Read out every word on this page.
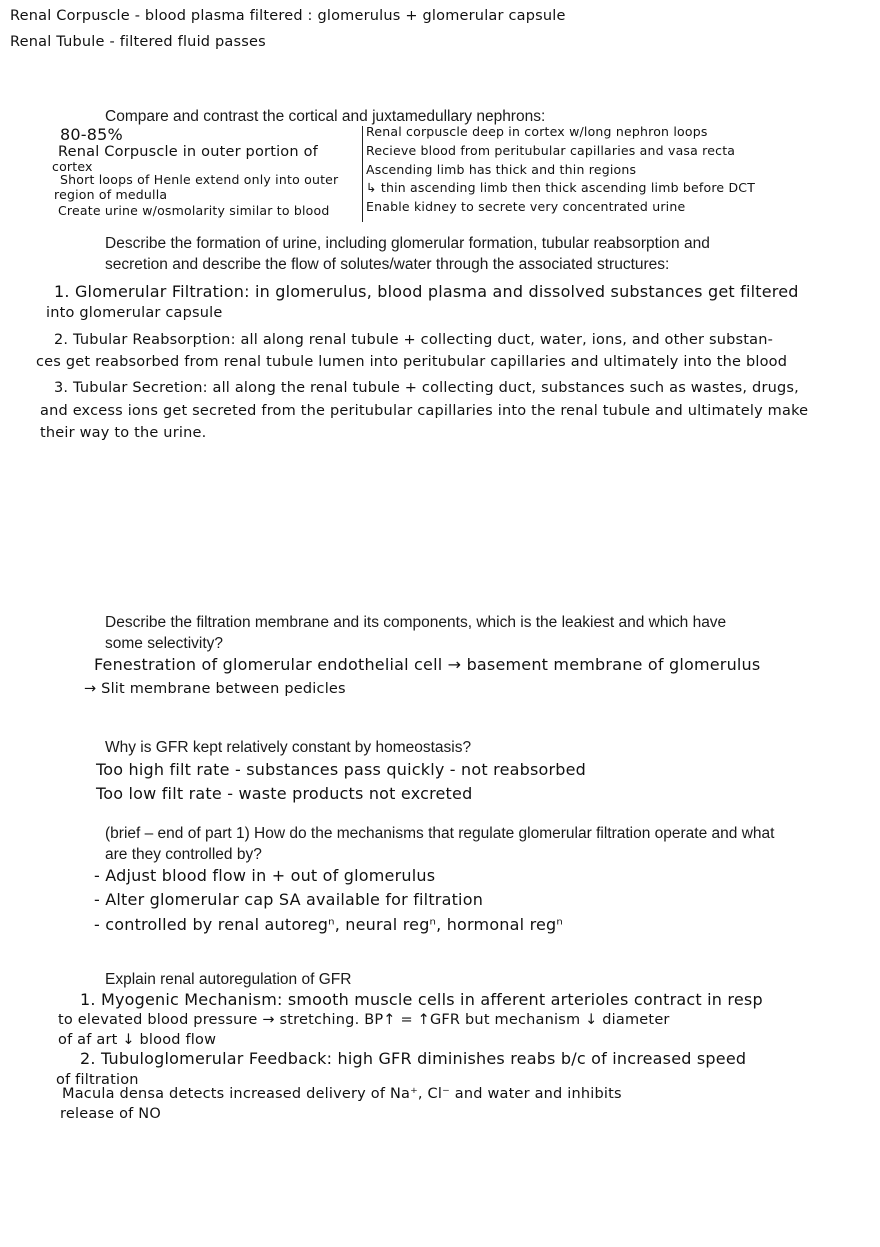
Renal Corpuscle - blood plasma filtered : glomerulus + glomerular capsule
Renal Tubule - filtered fluid passes
Compare and contrast the cortical and juxtamedullary nephrons:
80-85%
Renal Corpuscle in outer portion of
cortex
Short loops of Henle extend only into outer
region of medulla
Create urine w/osmolarity similar to blood
Renal corpuscle deep in cortex w/long nephron loops
Recieve blood from peritubular capillaries and vasa recta
Ascending limb has thick and thin regions
↳ thin ascending limb then thick ascending limb before DCT
Enable kidney to secrete very concentrated urine
Describe the formation of urine, including glomerular formation, tubular reabsorption and secretion and describe the flow of solutes/water through the associated structures:
1. Glomerular Filtration: in glomerulus, blood plasma and dissolved substances get filtered
into glomerular capsule
2. Tubular Reabsorption: all along renal tubule + collecting duct, water, ions, and other substan-
ces get reabsorbed from renal tubule lumen into peritubular capillaries and ultimately into the blood
3. Tubular Secretion: all along the renal tubule + collecting duct, substances such as wastes, drugs,
and excess ions get secreted from the peritubular capillaries into the renal tubule and ultimately make
their way to the urine.
Describe the filtration membrane and its components, which is the leakiest and which have some selectivity?
Fenestration of glomerular endothelial cell → basement membrane of glomerulus
→ Slit membrane between pedicles
Why is GFR kept relatively constant by homeostasis?
Too high filt rate - substances pass quickly - not reabsorbed
Too low filt rate - waste products not excreted
(brief – end of part 1) How do the mechanisms that regulate glomerular filtration operate and what are they controlled by?
- Adjust blood flow in + out of glomerulus
- Alter glomerular cap SA available for filtration
- controlled by renal autoregⁿ, neural regⁿ, hormonal regⁿ
Explain renal autoregulation of GFR
1. Myogenic Mechanism: smooth muscle cells in afferent arterioles contract in resp
to elevated blood pressure → stretching. BP↑ = ↑GFR but mechanism ↓ diameter
of af art ↓ blood flow
2. Tubuloglomerular Feedback: high GFR diminishes reabs b/c of increased speed
of filtration
Macula densa detects increased delivery of Na⁺, Cl⁻ and water and inhibits
release of NO
